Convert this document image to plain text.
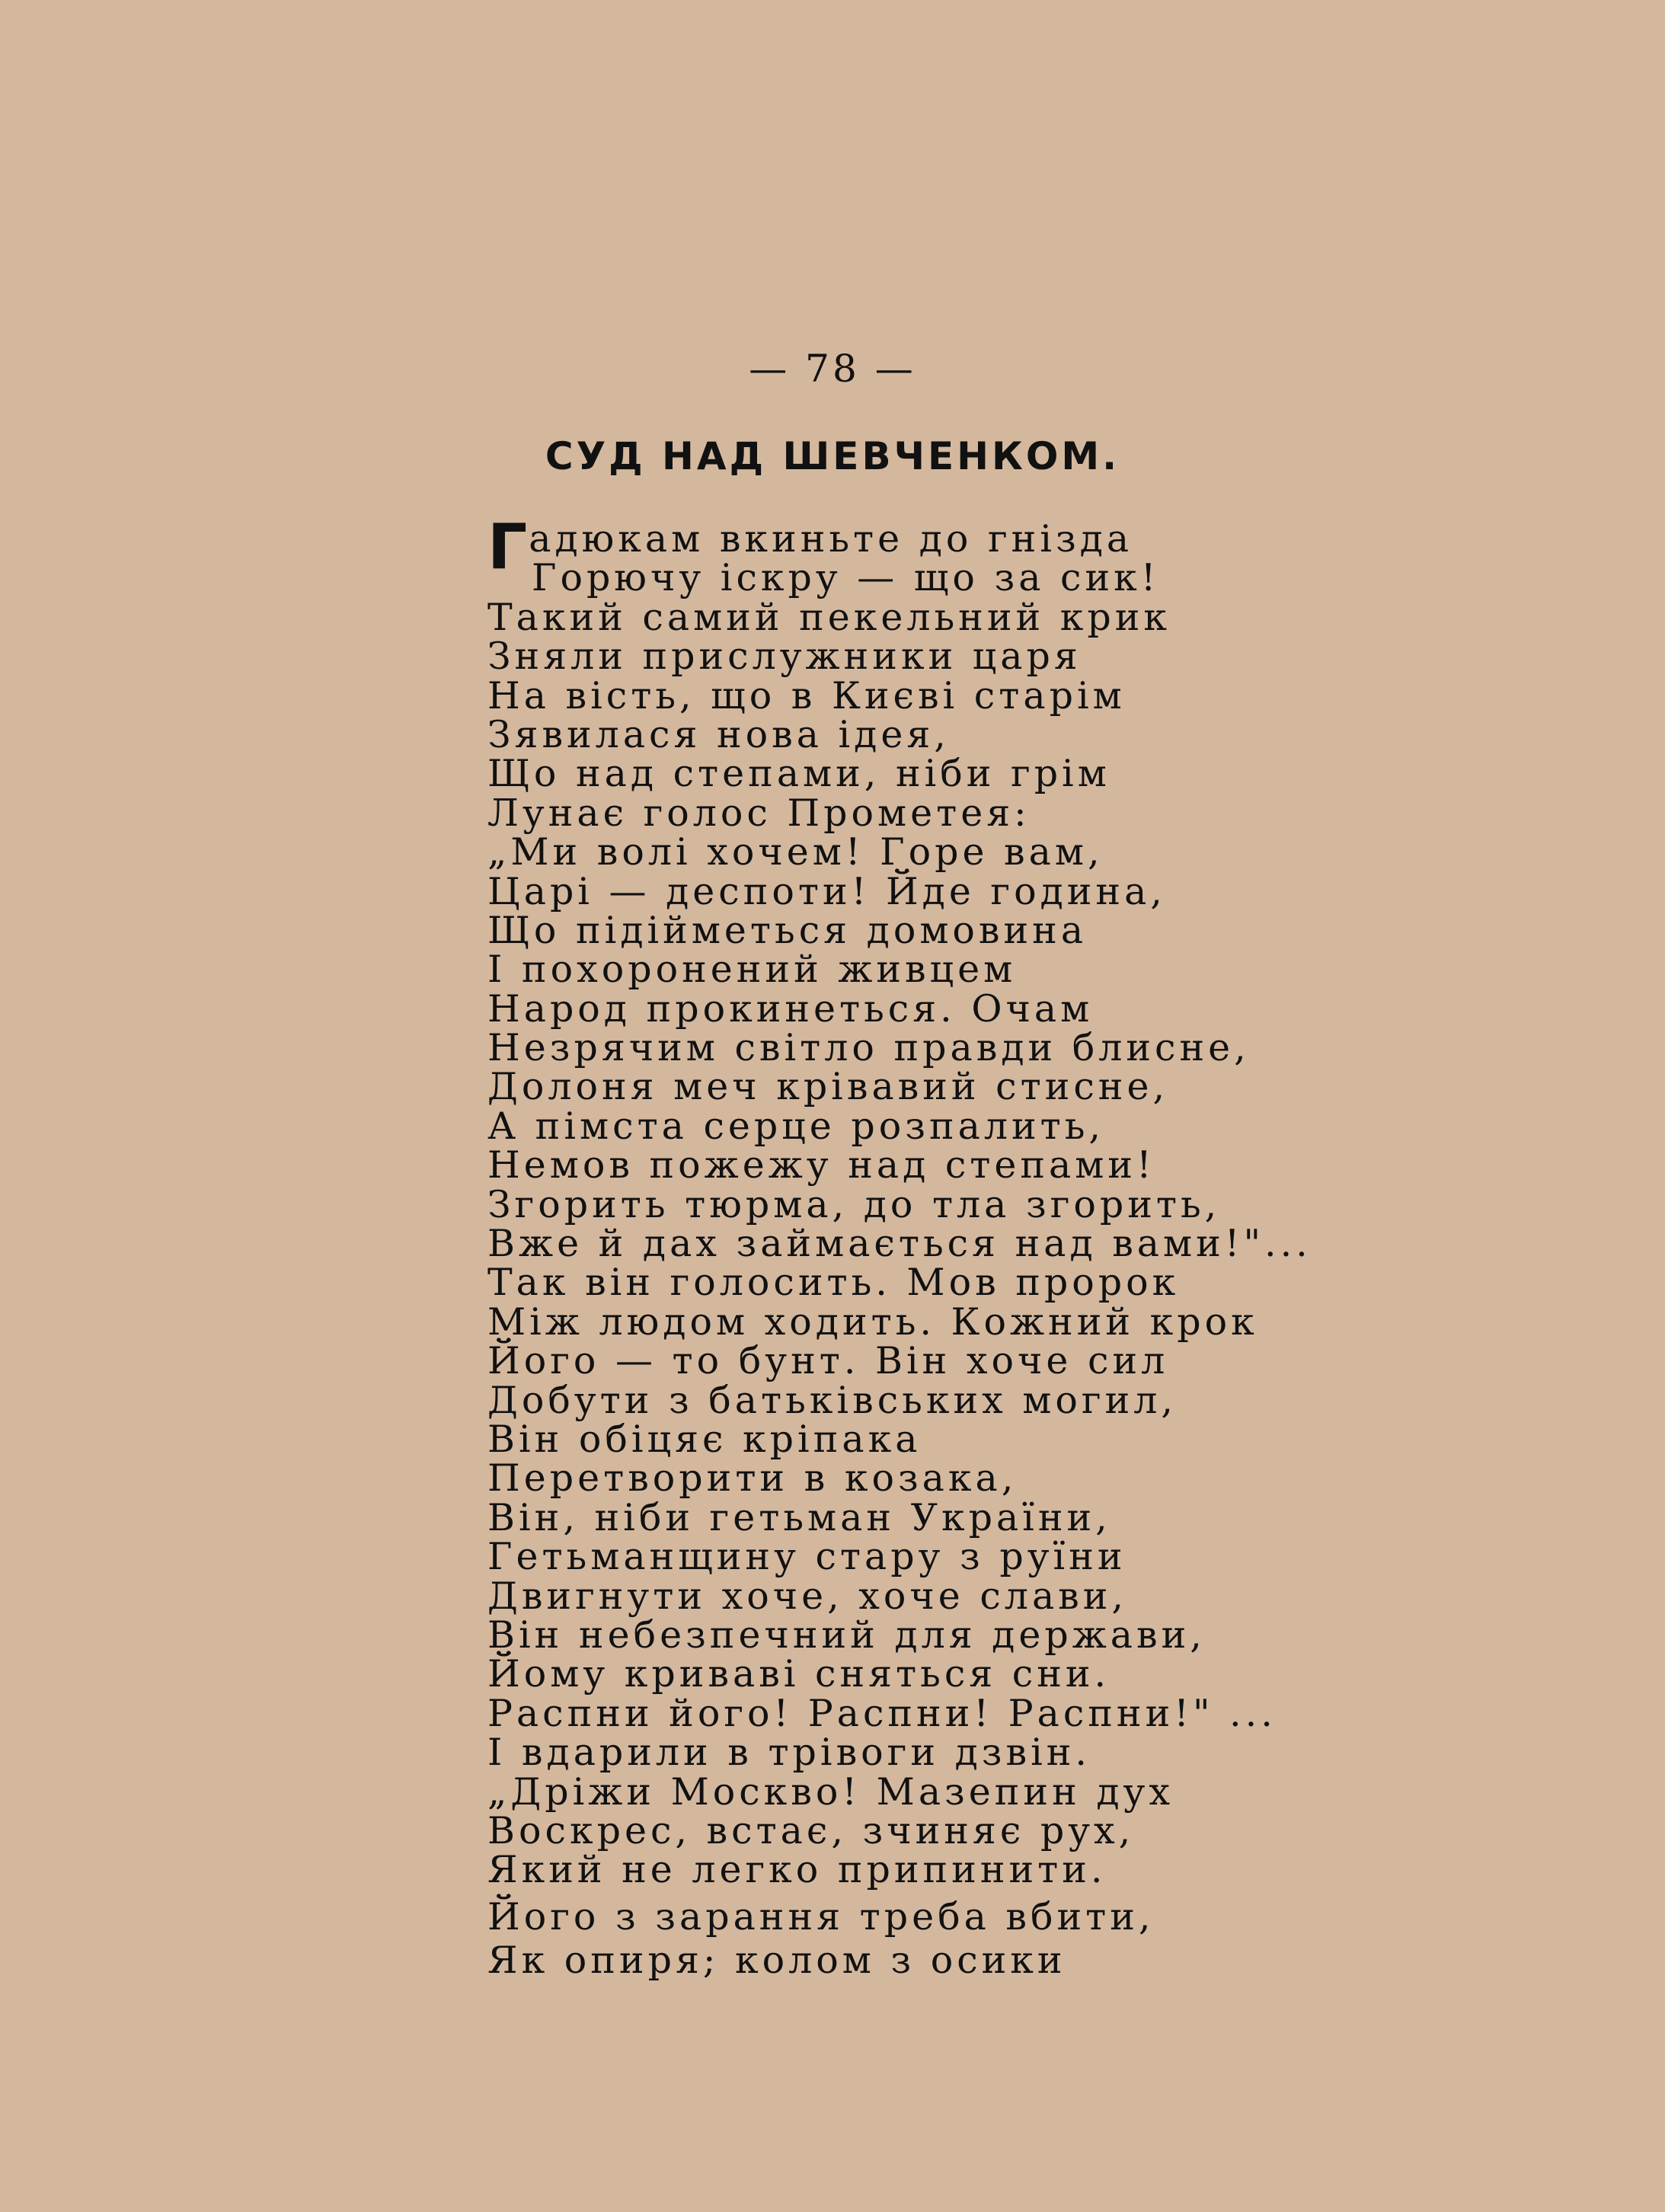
— 78 —
СУД НАД ШЕВЧЕНКОМ.
Гадюкам вкиньте до гнізда
Горючу іскру — що за сик!
Такий самий пекельний крик
Зняли прислужники царя
На вість, що в Києві старім
Зявилася нова ідея,
Що над степами, ніби грім
Лунає голос Прометея:
„Ми волі хочем! Горе вам,
Царі — деспоти! Йде година,
Що підійметься домовина
І похоронений живцем
Народ прокинеться. Очам
Незрячим світло правди блисне,
Долоня меч крівавий стисне,
А пімста серце розпалить,
Немов пожежу над степами!
Згорить тюрма, до тла згорить,
Вже й дах займається над вами!"...
Так він голосить. Мов пророк
Між людом ходить. Кожний крок
Його — то бунт. Він хоче сил
Добути з батьківських могил,
Він обіцяє кріпака
Перетворити в козака,
Він, ніби гетьман України,
Гетьманщину стару з руїни
Двигнути хоче, хоче слави,
Він небезпечний для держави,
Йому криваві сняться сни.
Распни його! Распни! Распни!" ...
І вдарили в трівоги дзвін.
„Дріжи Москво! Мазепин дух
Воскрес, встає, зчиняє рух,
Який не легко припинити.
Його з зарання треба вбити,
Як опиря; колом з осики
